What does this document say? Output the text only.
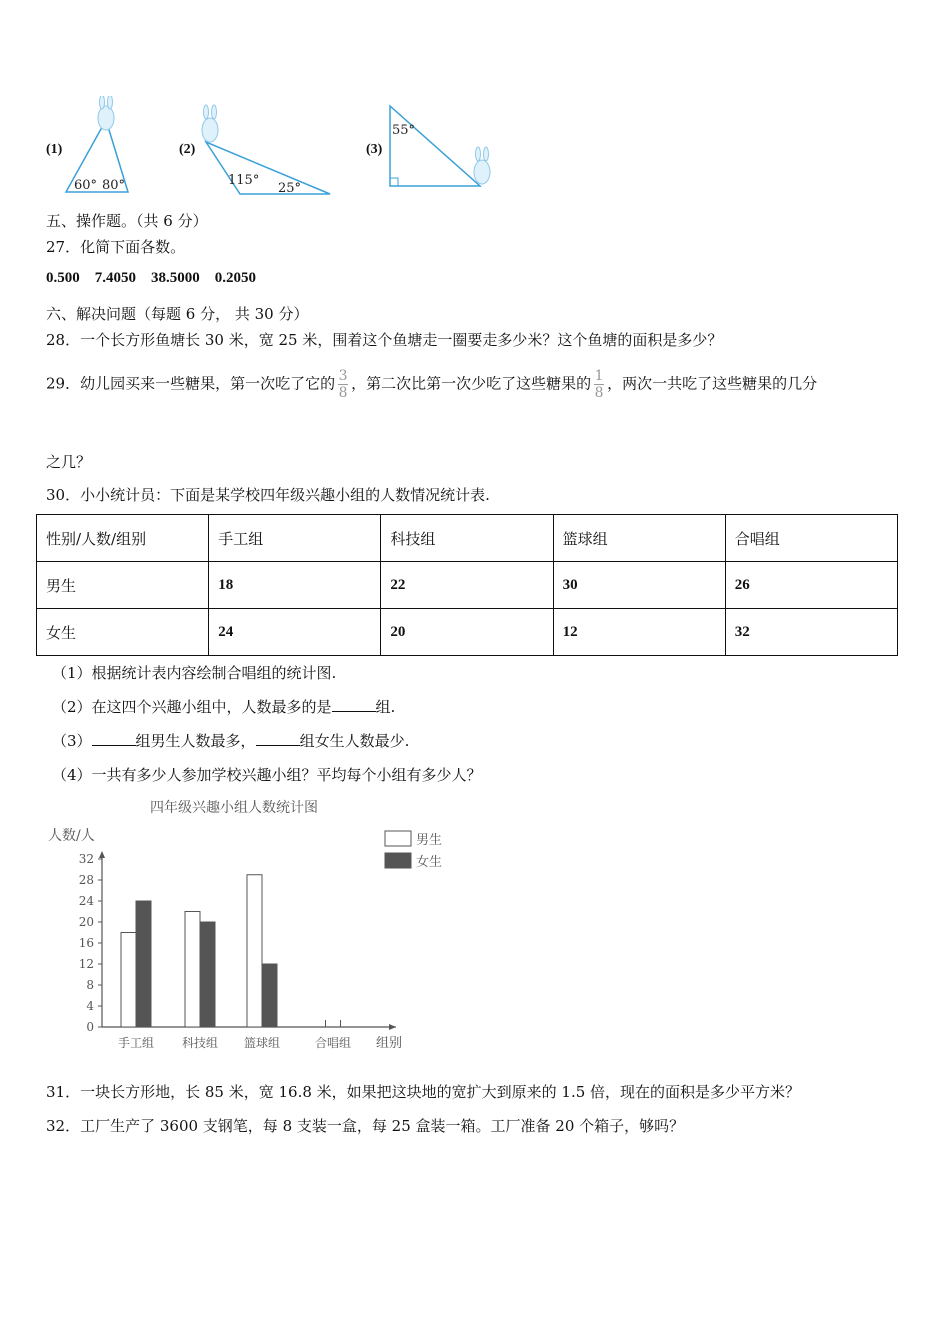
(1)
60° 80°
(2)
115°
25°
(3)
55°
五、操作题。（共 6 分）
27．化简下面各数。
0.500 7.4050 38.5000 0.2050
六、解决问题（每题 6 分， 共 30 分）
28．一个长方形鱼塘长 30 米，宽 25 米，围着这个鱼塘走一圈要走多少米？这个鱼塘的面积是多少？
29．幼儿园买来一些糖果，第一次吃了它的 $\frac{3}{8}$ ，第二次比第一次少吃了这些糖果的 $\frac{1}{8}$ ，两次一共吃了这些糖果的几分
之几？
30．小小统计员：下面是某学校四年级兴趣小组的人数情况统计表.
性别/人数/组别	手工组	科技组	篮球组	合唱组
男生	18	22	30	26
女生	24	20	12	32
（1）根据统计表内容绘制合唱组的统计图.
（2）在这四个兴趣小组中，人数最多的是	组.
（3）	组男生人数最多，	组女生人数最少.
（4）一共有多少人参加学校兴趣小组？平均每个小组有多少人？
四年级兴趣小组人数统计图
人数/人
0
4
8
12
16
20
24
28
32
手工组 科技组 篮球组	合唱组 组别
男生
女生
31．一块长方形地，长 85 米，宽 16.8 米，如果把这块地的宽扩大到原来的 1.5 倍，现在的面积是多少平方米？
32．工厂生产了 3600 支钢笔，每 8 支装一盒，每 25 盒装一箱。工厂准备 20 个箱子，够吗？
